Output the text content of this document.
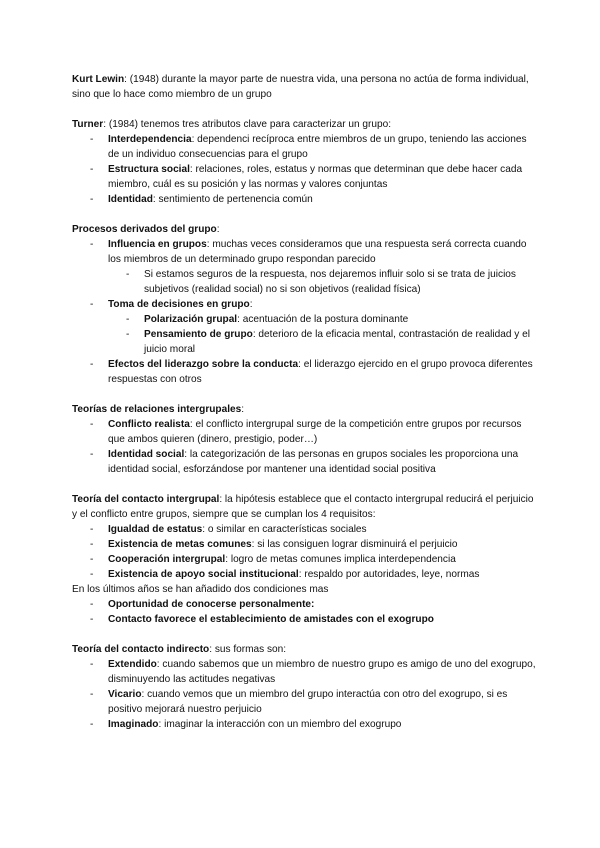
Kurt Lewin: (1948) durante la mayor parte de nuestra vida, una persona no actúa de forma individual, sino que lo hace como miembro de un grupo

Turner: (1984) tenemos tres atributos clave para caracterizar un grupo:

- Interdependencia: dependenci recíproca entre miembros de un grupo, teniendo las acciones de un individuo consecuencias para el grupo
- Estructura social: relaciones, roles, estatus y normas que determinan que debe hacer cada miembro, cuál es su posición y las normas y valores conjuntas
- Identidad: sentimiento de pertenencia común

Procesos derivados del grupo:

- Influencia en grupos: muchas veces consideramos que una respuesta será correcta cuando los miembros de un determinado grupo respondan parecido
- Si estamos seguros de la respuesta, nos dejaremos influir solo si se trata de juicios subjetivos (realidad social) no si son objetivos (realidad física)
- Toma de decisiones en grupo:
- Polarización grupal: acentuación de la postura dominante
- Pensamiento de grupo: deterioro de la eficacia mental, contrastación de realidad y el juicio moral
- Efectos del liderazgo sobre la conducta: el liderazgo ejercido en el grupo provoca diferentes respuestas con otros

Teorías de relaciones intergrupales:

- Conflicto realista: el conflicto intergrupal surge de la competición entre grupos por recursos que ambos quieren (dinero, prestigio, poder…)
- Identidad social: la categorización de las personas en grupos sociales les proporciona una identidad social, esforzándose por mantener una identidad social positiva

Teoría del contacto intergrupal: la hipótesis establece que el contacto intergrupal reducirá el perjuicio y el conflicto entre grupos, siempre que se cumplan los 4 requisitos:

- Igualdad de estatus: o similar en características sociales
- Existencia de metas comunes: si las consiguen lograr disminuirá el perjuicio
- Cooperación intergrupal: logro de metas comunes implica interdependencia
- Existencia de apoyo social institucional: respaldo por autoridades, leye, normas

En los últimos años se han añadido dos condiciones mas

- Oportunidad de conocerse personalmente:
- Contacto favorece el establecimiento de amistades con el exogrupo

Teoría del contacto indirecto: sus formas son:

- Extendido: cuando sabemos que un miembro de nuestro grupo es amigo de uno del exogrupo, disminuyendo las actitudes negativas
- Vicario: cuando vemos que un miembro del grupo interactúa con otro del exogrupo, si es positivo mejorará nuestro perjuicio
- Imaginado: imaginar la interacción con un miembro del exogrupo
